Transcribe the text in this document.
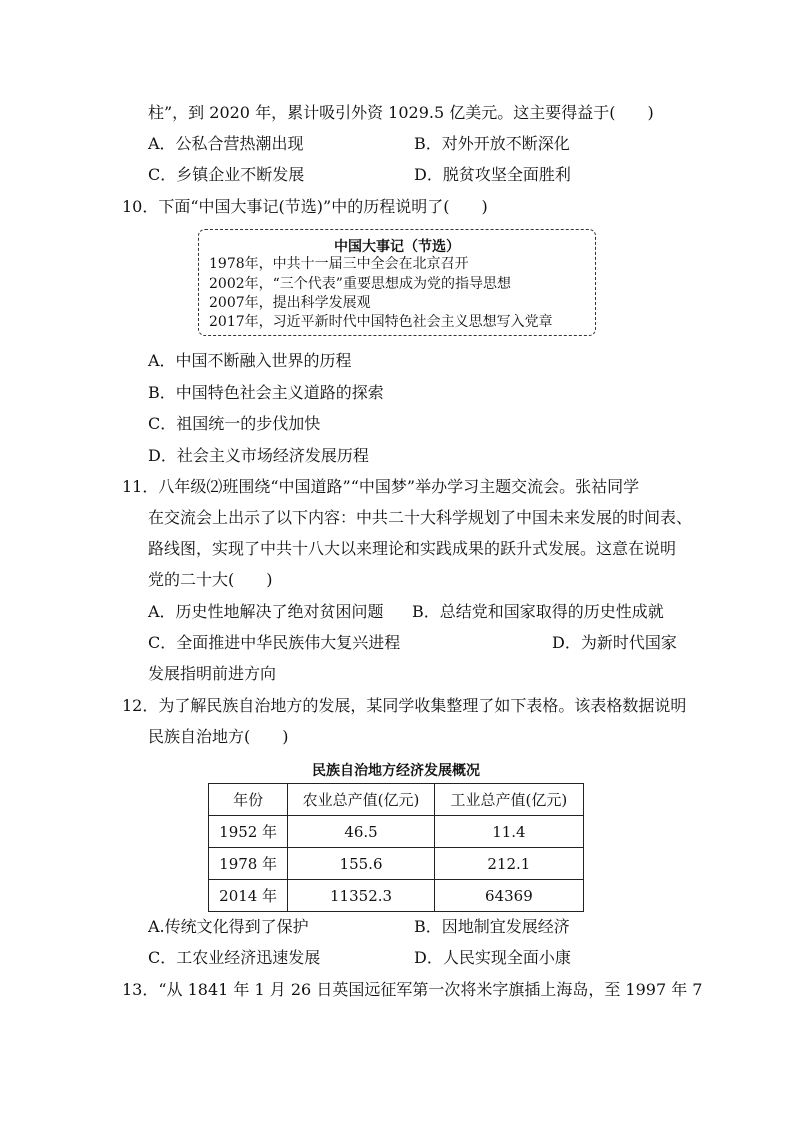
柱”，到 2020 年，累计吸引外资 1029.5 亿美元。这主要得益于(　　)
A．公私合营热潮出现	B．对外开放不断深化
C．乡镇企业不断发展	D．脱贫攻坚全面胜利
10．下面“中国大事记(节选)”中的历程说明了(　　)
中国大事记（节选）
1978年，中共十一届三中全会在北京召开
2002年，“三个代表”重要思想成为党的指导思想
2007年，提出科学发展观
2017年，习近平新时代中国特色社会主义思想写入党章
A．中国不断融入世界的历程
B．中国特色社会主义道路的探索
C．祖国统一的步伐加快
D．社会主义市场经济发展历程
11．八年级⑵班围绕“中国道路”“中国梦”举办学习主题交流会。张祜同学
在交流会上出示了以下内容：中共二十大科学规划了中国未来发展的时间表、
路线图，实现了中共十八大以来理论和实践成果的跃升式发展。这意在说明
党的二十大(　　)
A．历史性地解决了绝对贫困问题 B．总结党和国家取得的历史性成就
C．全面推进中华民族伟大复兴进程	D．为新时代国家
发展指明前进方向
12．为了解民族自治地方的发展，某同学收集整理了如下表格。该表格数据说明
民族自治地方(　　)
民族自治地方经济发展概况
年份	农业总产值(亿元)	工业总产值(亿元)
1952 年	46.5	11.4
1978 年	155.6	212.1
2014 年	11352.3	64369
A.传统文化得到了保护	B．因地制宜发展经济
C．工农业经济迅速发展	D．人民实现全面小康
13．“从 1841 年 1 月 26 日英国远征军第一次将米字旗插上海岛，至 1997 年 7
